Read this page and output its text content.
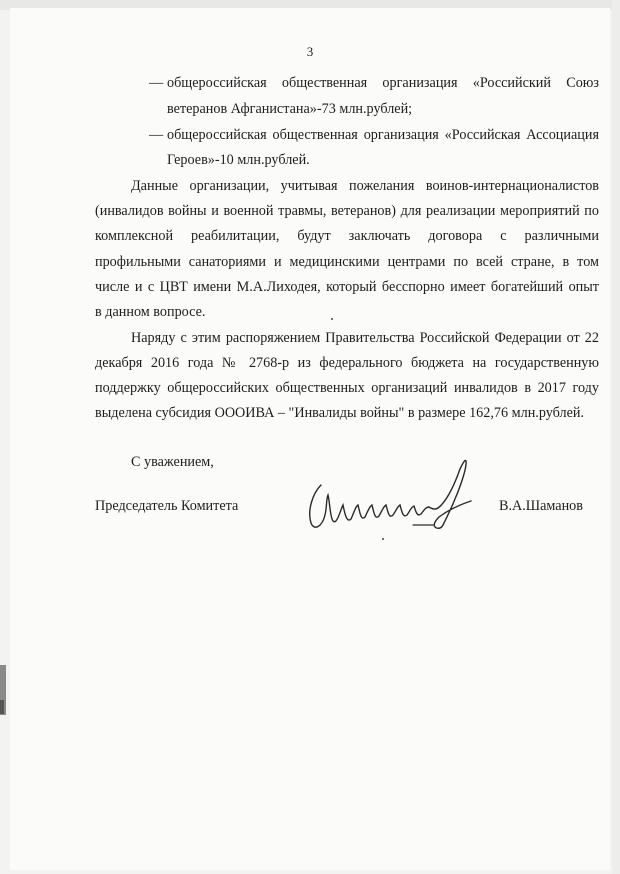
3
— общероссийская общественная организация «Российский Союз
ветеранов Афганистана»-73 млн.рублей;
— общероссийская общественная организация «Российская Ассоциация
Героев»-10 млн.рублей.
Данные организации, учитывая пожелания воинов-интернационалистов
(инвалидов войны и военной травмы, ветеранов) для реализации мероприятий по
комплексной реабилитации, будут заключать договора с различными
профильными санаториями и медицинскими центрами по всей стране, в том
числе и с ЦВТ имени М.А.Лиходея, который бесспорно имеет богатейший опыт
в данном вопросе.
Наряду с этим распоряжением Правительства Российской Федерации от 22
декабря 2016 года № 2768-р из федерального бюджета на государственную
поддержку общероссийских общественных организаций инвалидов в 2017 году
выделена субсидия ОООИВА – "Инвалиды войны" в размере 162,76 млн.рублей.
С уважением,
Председатель Комитета	В.А.Шаманов
